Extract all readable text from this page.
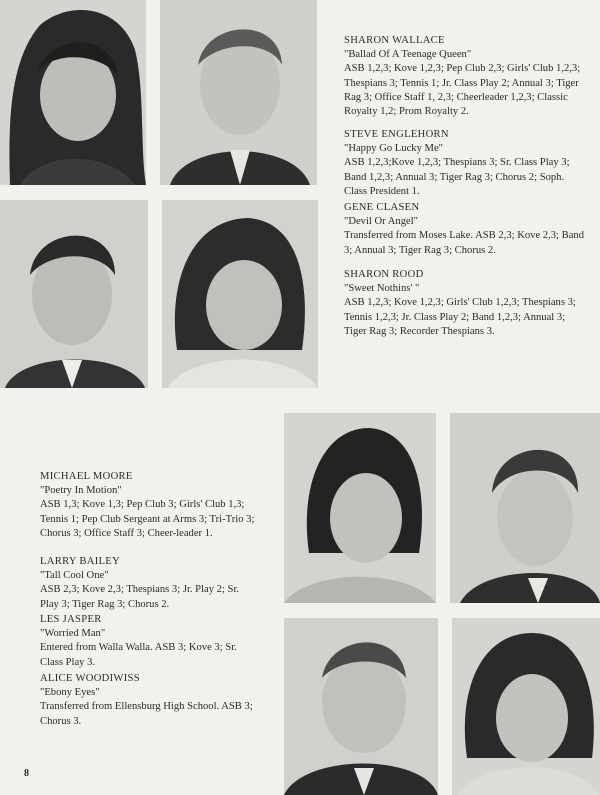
SHARON WALLACE
"Ballad Of A Teenage Queen"
ASB 1,2,3; Kove 1,2,3; Pep Club 2,3; Girls' Club 1,2,3; Thespians 3; Tennis 1; Jr. Class Play 2; Annual 3; Tiger Rag 3; Office Staff 1, 2,3; Cheerleader 1,2,3; Classic Royalty 1,2; Prom Royalty 2.
STEVE ENGLEHORN
"Happy Go Lucky Me"
ASB 1,2,3;Kove 1,2,3; Thespians 3; Sr. Class Play 3; Band 1,2,3; Annual 3; Tiger Rag 3; Chorus 2; Soph. Class President 1.
GENE CLASEN
"Devil Or Angel"
Transferred from Moses Lake. ASB 2,3; Kove 2,3; Band 3; Annual 3; Tiger Rag 3; Chorus 2.
SHARON ROOD
"Sweet Nothins' "
ASB 1,2,3; Kove 1,2,3; Girls' Club 1,2,3; Thespians 3; Tennis 1,2,3; Jr. Class Play 2; Band 1,2,3; Annual 3; Tiger Rag 3; Recorder Thespians 3.
MICHAEL MOORE
"Poetry In Motion"
ASB 1,3; Kove 1,3; Pep Club 3; Girls' Club 1,3; Tennis 1; Pep Club Sergeant at Arms 3; Tri-Trio 3; Chorus 3; Office Staff 3; Cheer-leader 1.
LARRY BAILEY
"Tall Cool One"
ASB 2,3; Kove 2,3; Thespians 3; Jr. Play 2; Sr. Play 3; Tiger Rag 3; Chorus 2.
LES JASPER
"Worried Man"
Entered from Walla Walla. ASB 3; Kove 3; Sr. Class Play 3.
ALICE WOODIWISS
"Ebony Eyes"
Transferred from Ellensburg High School. ASB 3; Chorus 3.
8
